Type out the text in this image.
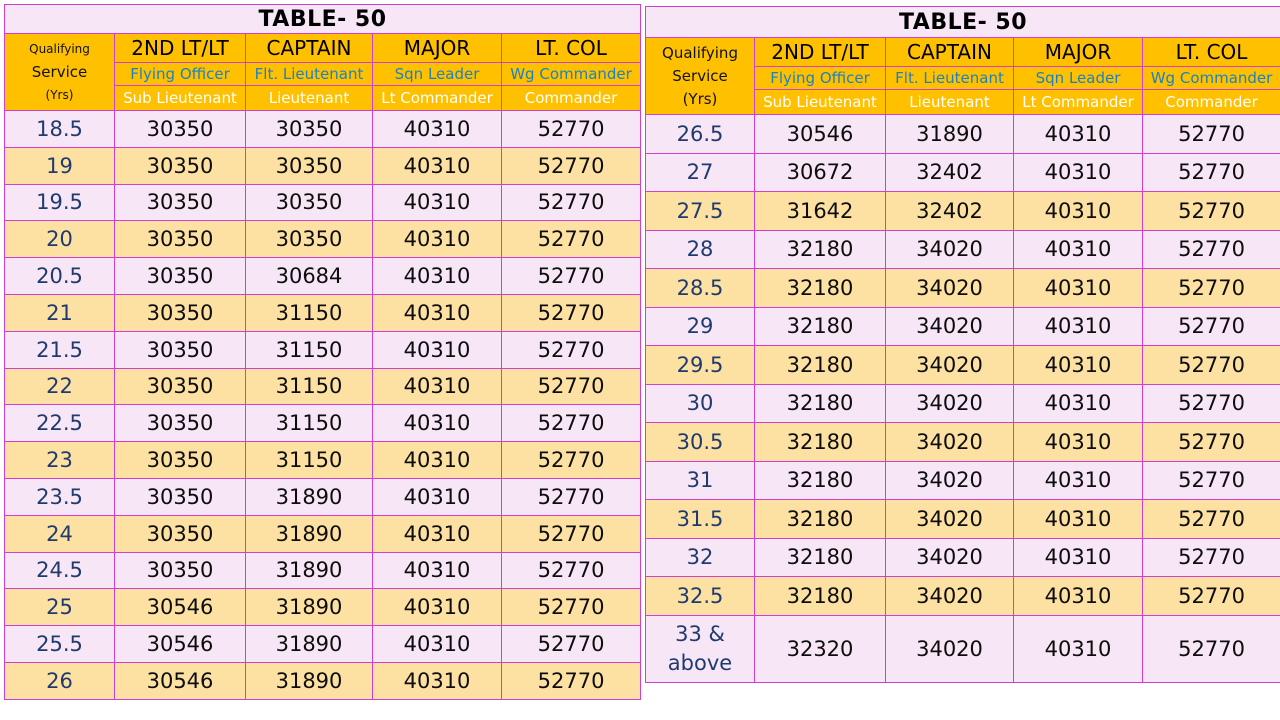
TABLE- 50				

Qualifying
Service
(Yrs)	2ND LT/LT	CAPTAIN	MAJOR	LT. COL
	Flying Officer	Flt. Lieutenant	Sqn Leader	Wg Commander
	Sub Lieutenant	Lieutenant	Lt Commander	Commander
18.5	30350	30350	40310	52770
19	30350	30350	40310	52770
19.5	30350	30350	40310	52770
20	30350	30350	40310	52770
20.5	30350	30684	40310	52770
21	30350	31150	40310	52770
21.5	30350	31150	40310	52770
22	30350	31150	40310	52770
22.5	30350	31150	40310	52770
23	30350	31150	40310	52770
23.5	30350	31890	40310	52770
24	30350	31890	40310	52770
24.5	30350	31890	40310	52770
25	30546	31890	40310	52770
25.5	30546	31890	40310	52770
26	30546	31890	40310	52770
TABLE- 50				

Qualifying
Service
(Yrs)	2ND LT/LT	CAPTAIN	MAJOR	LT. COL
	Flying Officer	Flt. Lieutenant	Sqn Leader	Wg Commander
	Sub Lieutenant	Lieutenant	Lt Commander	Commander
26.5	30546	31890	40310	52770
27	30672	32402	40310	52770
27.5	31642	32402	40310	52770
28	32180	34020	40310	52770
28.5	32180	34020	40310	52770
29	32180	34020	40310	52770
29.5	32180	34020	40310	52770
30	32180	34020	40310	52770
30.5	32180	34020	40310	52770
31	32180	34020	40310	52770
31.5	32180	34020	40310	52770
32	32180	34020	40310	52770
32.5	32180	34020	40310	52770
33 & above	32320	34020	40310	52770
